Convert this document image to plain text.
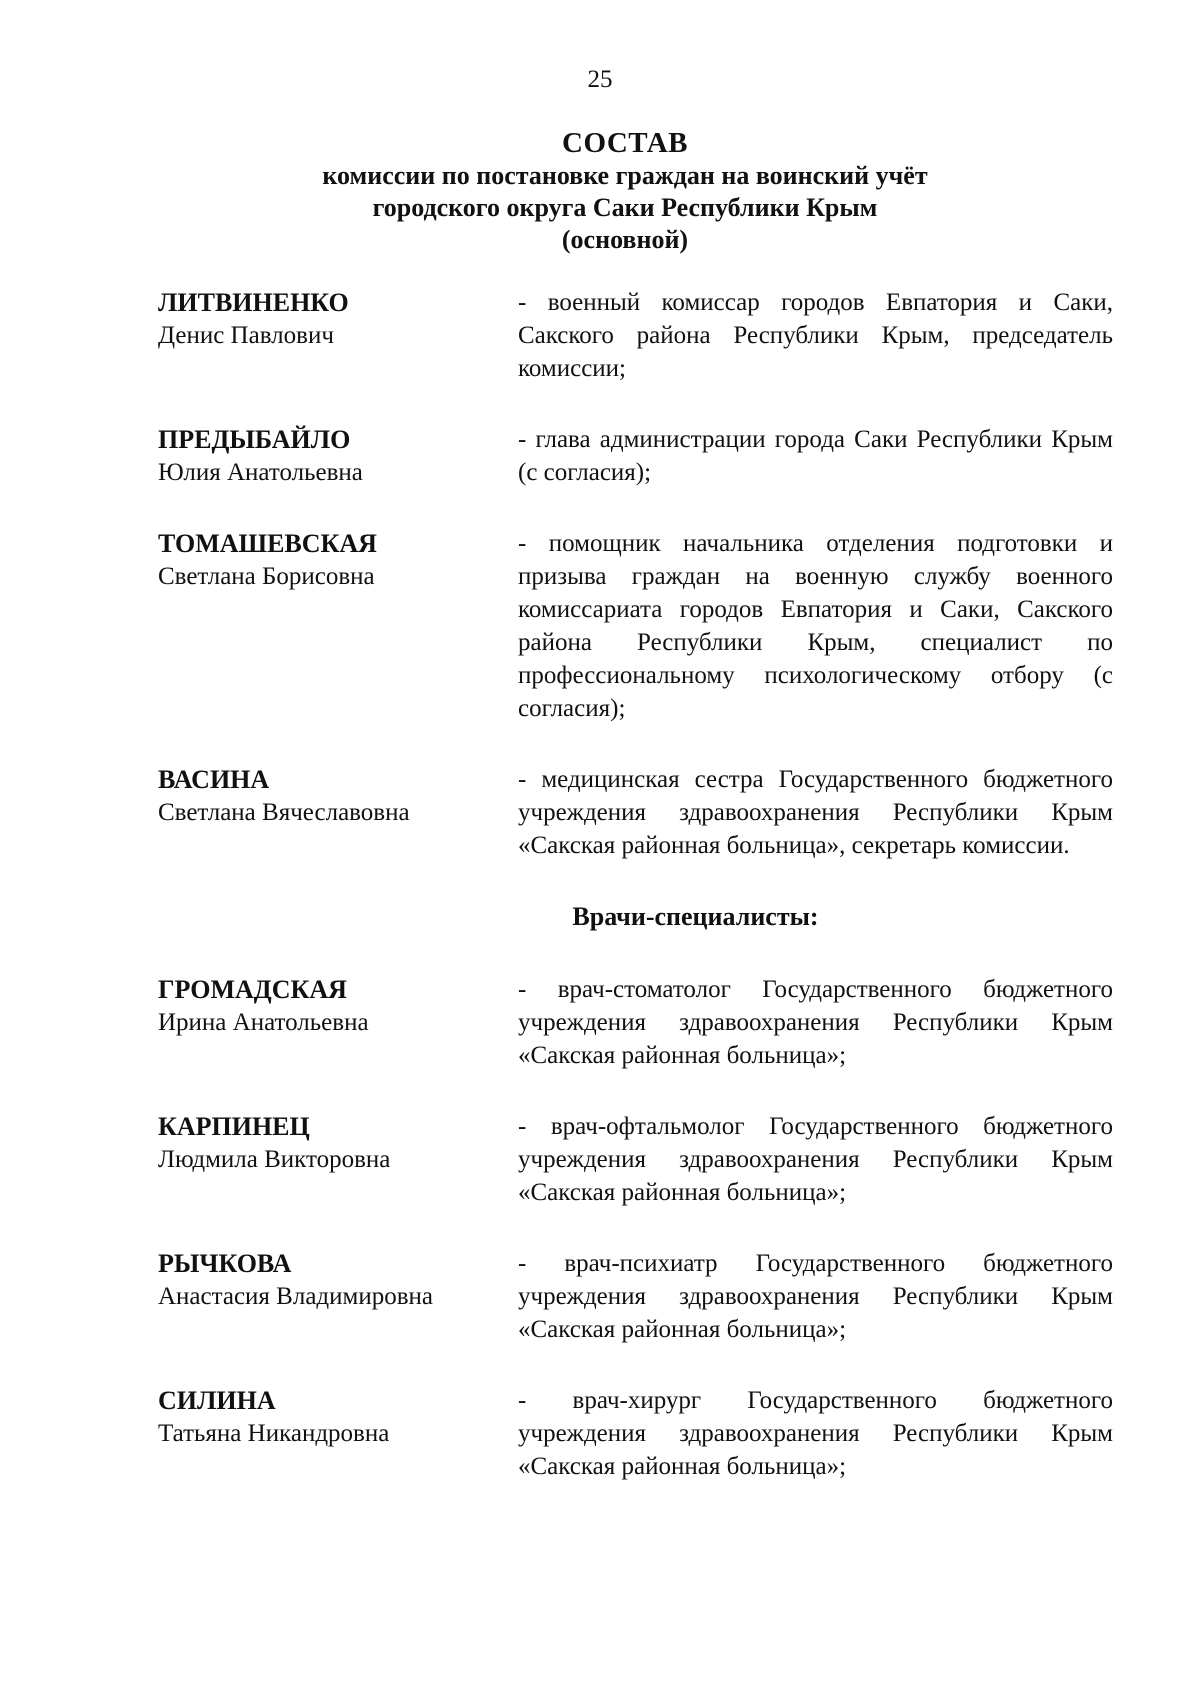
25
СОСТАВ
комиссии по постановке граждан на воинский учёт
городского округа Саки Республики Крым
(основной)
ЛИТВИНЕНКО
Денис Павлович
- военный комиссар городов Евпатория и Саки, Сакского района Республики Крым, председатель комиссии;
ПРЕДЫБАЙЛО
Юлия Анатольевна
- глава администрации города Саки Республики Крым (с согласия);
ТОМАШЕВСКАЯ
Светлана Борисовна
- помощник начальника отделения подготовки и призыва граждан на военную службу военного комиссариата городов Евпатория и Саки, Сакского района Республики Крым, специалист по профессиональному психологическому отбору (с согласия);
ВАСИНА
Светлана Вячеславовна
- медицинская сестра Государственного бюджетного учреждения здравоохранения Республики Крым «Сакская районная больница», секретарь комиссии.
Врачи-специалисты:
ГРОМАДСКАЯ
Ирина Анатольевна
- врач-стоматолог Государственного бюджетного учреждения здравоохранения Республики Крым «Сакская районная больница»;
КАРПИНЕЦ
Людмила Викторовна
- врач-офтальмолог Государственного бюджетного учреждения здравоохранения Республики Крым «Сакская районная больница»;
РЫЧКОВА
Анастасия Владимировна
- врач-психиатр Государственного бюджетного учреждения здравоохранения Республики Крым «Сакская районная больница»;
СИЛИНА
Татьяна Никандровна
- врач-хирург Государственного бюджетного учреждения здравоохранения Республики Крым «Сакская районная больница»;
